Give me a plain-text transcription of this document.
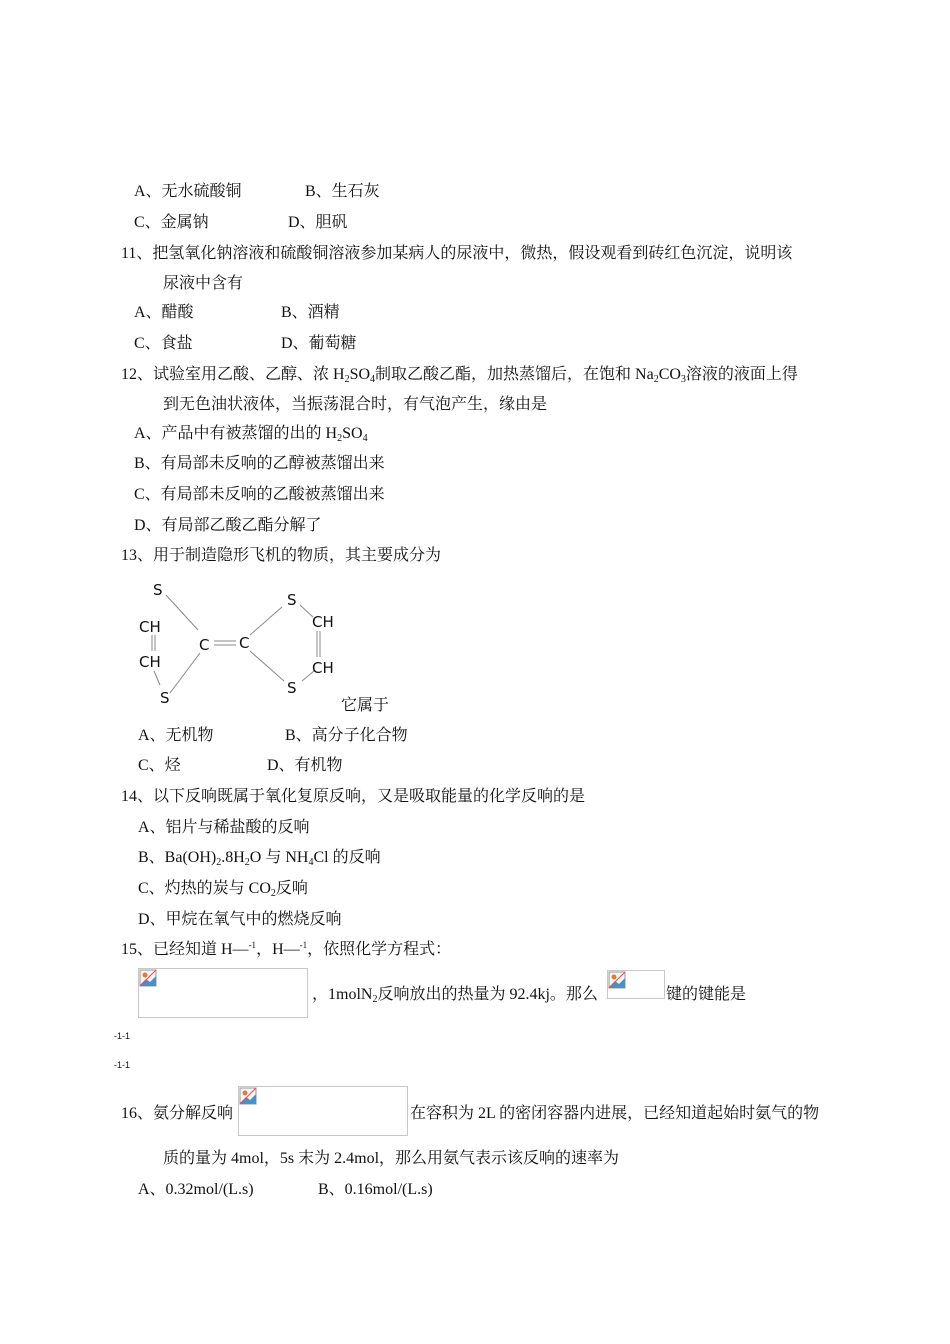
A、无水硫酸铜	B、生石灰
C、金属钠	D、胆矾
11、把氢氧化钠溶液和硫酸铜溶液参加某病人的尿液中，微热，假设观看到砖红色沉淀，说明该
尿液中含有
A、醋酸	B、酒精
C、食盐	D、葡萄糖
12、试验室用乙酸、乙醇、浓 $H_2SO_4$制取乙酸乙酯，加热蒸馏后，在饱和 $Na_2CO_3$溶液的液面上得
到无色油状液体，当振荡混合时，有气泡产生，缘由是
A、产品中有被蒸馏的出的 $H_2SO_4$
B、有局部未反响的乙醇被蒸馏出来
C、有局部未反响的乙酸被蒸馏出来
D、有局部乙酸乙酯分解了
13、用于制造隐形飞机的物质，其主要成分为
S
CH
CH
S
C C
S
CH
CH
S
它属于
A、无机物	B、高分子化合物
C、烃	D、有机物
14、以下反响既属于氧化复原反响，又是吸取能量的化学反响的是
A、铝片与稀盐酸的反响
B、$Ba(OH)_2.8H_2O$ 与 $NH_4Cl$ 的反响
C、灼热的炭与 $CO_2$反响
D、甲烷在氧气中的燃烧反响
15、已经知道 H—$^{-1}$，H—$^{-1}$，依照化学方程式：
，1molN$_2$反响放出的热量为 92.4kj。那么	键的键能是
-1-1
-1-1
16、氨分解反响	在容积为 2L 的密闭容器内进展，已经知道起始时氨气的物
质的量为 4mol，5s 末为 2.4mol，那么用氨气表示该反响的速率为
A、0.32mol/(L.s)	B、0.16mol/(L.s)
